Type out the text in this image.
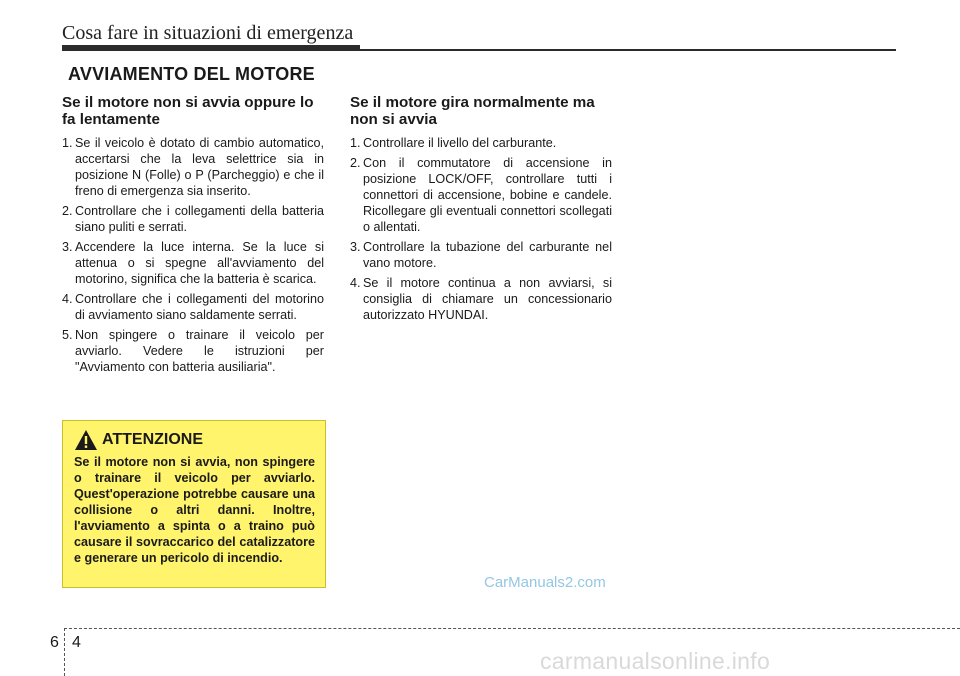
Cosa fare in situazioni di emergenza
AVVIAMENTO DEL MOTORE
Se il motore non si avvia oppure lo fa lentamente
1. Se il veicolo è dotato di cambio automatico, accertarsi che la leva selettrice sia in posizione N (Folle) o P (Parcheggio) e che il freno di emergenza sia inserito.
2. Controllare che i collegamenti della batteria siano puliti e serrati.
3. Accendere la luce interna. Se la luce si attenua o si spegne all'avviamento del motorino, significa che la batteria è scarica.
4. Controllare che i collegamenti del motorino di avviamento siano saldamente serrati.
5. Non spingere o trainare il veicolo per avviarlo. Vedere le istruzioni per "Avviamento con batteria ausiliaria".
Se il motore gira normalmente ma non si avvia
1. Controllare il livello del carburante.
2. Con il commutatore di accensione in posizione LOCK/OFF, controllare tutti i connettori di accensione, bobine e candele. Ricollegare gli eventuali connettori scollegati o allentati.
3. Controllare la tubazione del carburante nel vano motore.
4. Se il motore continua a non avviarsi, si consiglia di chiamare un concessionario autorizzato HYUNDAI.
ATTENZIONE

Se il motore non si avvia, non spingere o trainare il veicolo per avviarlo. Quest'operazione potrebbe causare una collisione o altri danni. Inoltre, l'avviamento a spinta o a traino può causare il sovraccarico del catalizzatore e generare un pericolo di incendio.

CarManuals2.com
6 4
carmanualsonline.info
